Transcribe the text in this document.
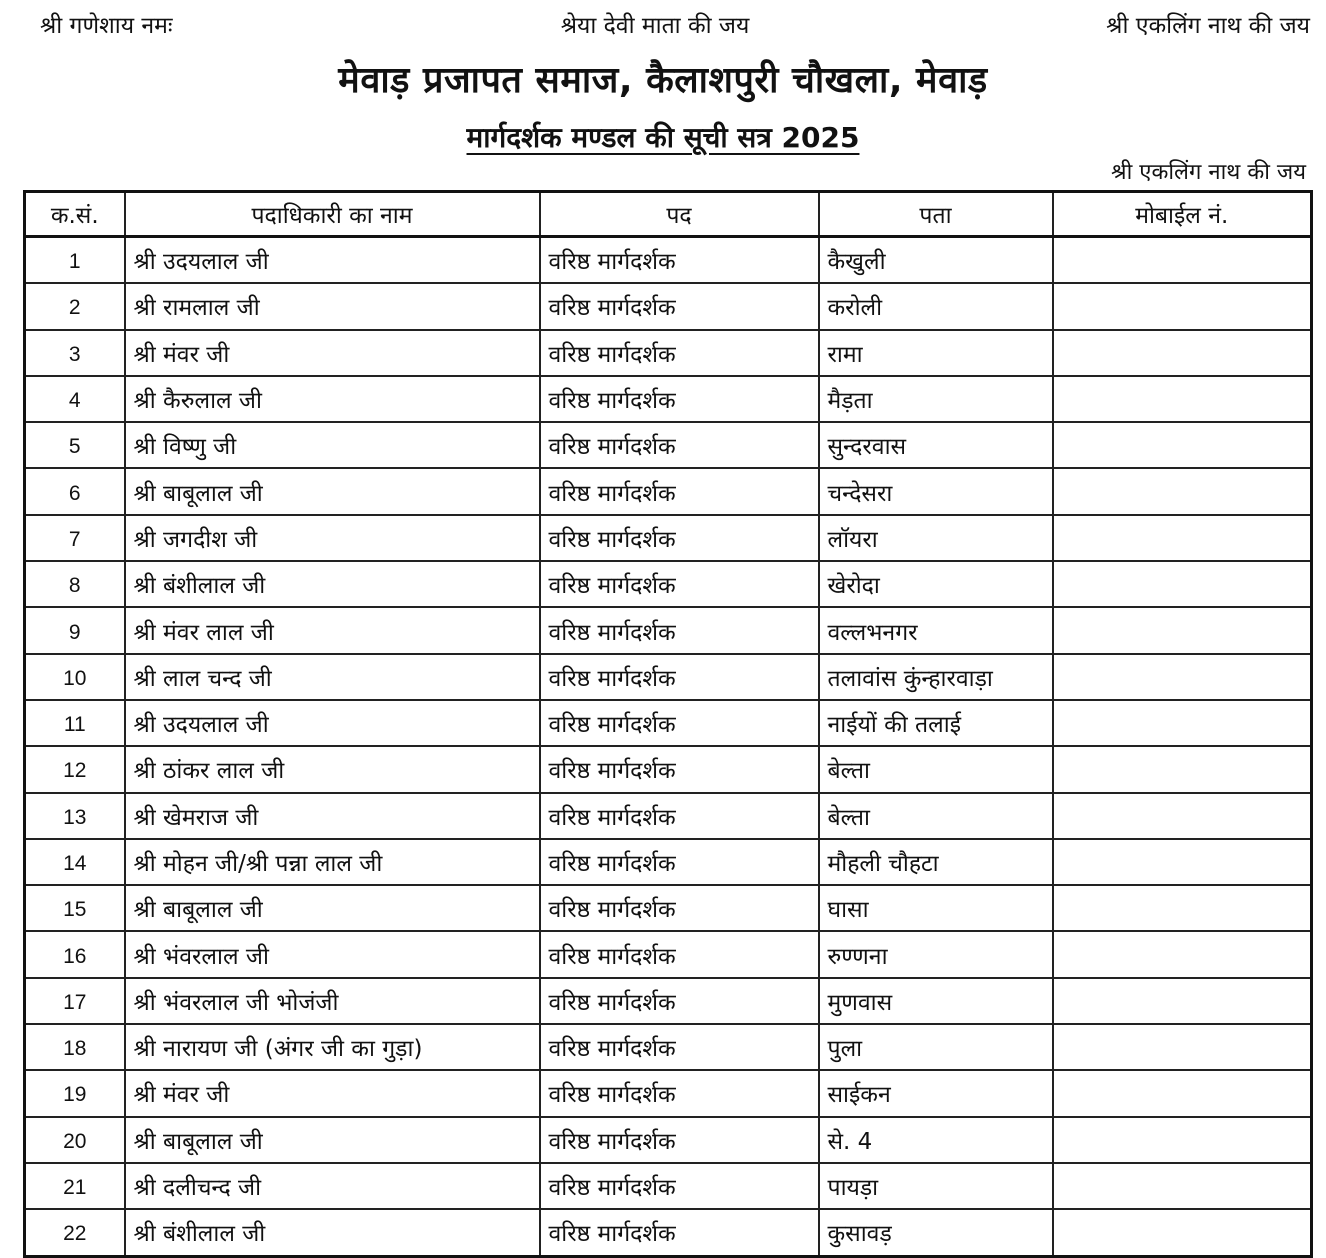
श्री गणेशाय नमः	श्रेया देवी माता की जय	श्री एकलिंग नाथ की जय
मेवाड़ प्रजापत समाज, कैलाशपुरी चौखला, मेवाड़
मार्गदर्शक मण्डल की सूची सत्र 2025
श्री एकलिंग नाथ की जय
क.सं.	पदाधिकारी का नाम	पद	पता	मोबाईल नं.
1	श्री उदयलाल जी	वरिष्ठ मार्गदर्शक	कैखुली	
2	श्री रामलाल जी	वरिष्ठ मार्गदर्शक	करोली	
3	श्री मंवर जी	वरिष्ठ मार्गदर्शक	रामा	
4	श्री कैरुलाल जी	वरिष्ठ मार्गदर्शक	मैड़ता	
5	श्री विष्णु जी	वरिष्ठ मार्गदर्शक	सुन्दरवास	
6	श्री बाबूलाल जी	वरिष्ठ मार्गदर्शक	चन्देसरा	
7	श्री जगदीश जी	वरिष्ठ मार्गदर्शक	लॉयरा	
8	श्री बंशीलाल जी	वरिष्ठ मार्गदर्शक	खेरोदा	
9	श्री मंवर लाल जी	वरिष्ठ मार्गदर्शक	वल्लभनगर	
10	श्री लाल चन्द जी	वरिष्ठ मार्गदर्शक	तलावांस कुंन्हारवाड़ा	
11	श्री उदयलाल जी	वरिष्ठ मार्गदर्शक	नाईयों की तलाई	
12	श्री ठांकर लाल जी	वरिष्ठ मार्गदर्शक	बेल्ता	
13	श्री खेमराज जी	वरिष्ठ मार्गदर्शक	बेल्ता	
14	श्री मोहन जी/श्री पन्ना लाल जी	वरिष्ठ मार्गदर्शक	मौहली चौहटा	
15	श्री बाबूलाल जी	वरिष्ठ मार्गदर्शक	घासा	
16	श्री भंवरलाल जी	वरिष्ठ मार्गदर्शक	रुण्णना	
17	श्री भंवरलाल जी भोजंजी	वरिष्ठ मार्गदर्शक	मुणवास	
18	श्री नारायण जी (अंगर जी का गुड़ा)	वरिष्ठ मार्गदर्शक	पुला	
19	श्री मंवर जी	वरिष्ठ मार्गदर्शक	साईकन	
20	श्री बाबूलाल जी	वरिष्ठ मार्गदर्शक	से. 4	
21	श्री दलीचन्द जी	वरिष्ठ मार्गदर्शक	पायड़ा	
22	श्री बंशीलाल जी	वरिष्ठ मार्गदर्शक	कुसावड़	
